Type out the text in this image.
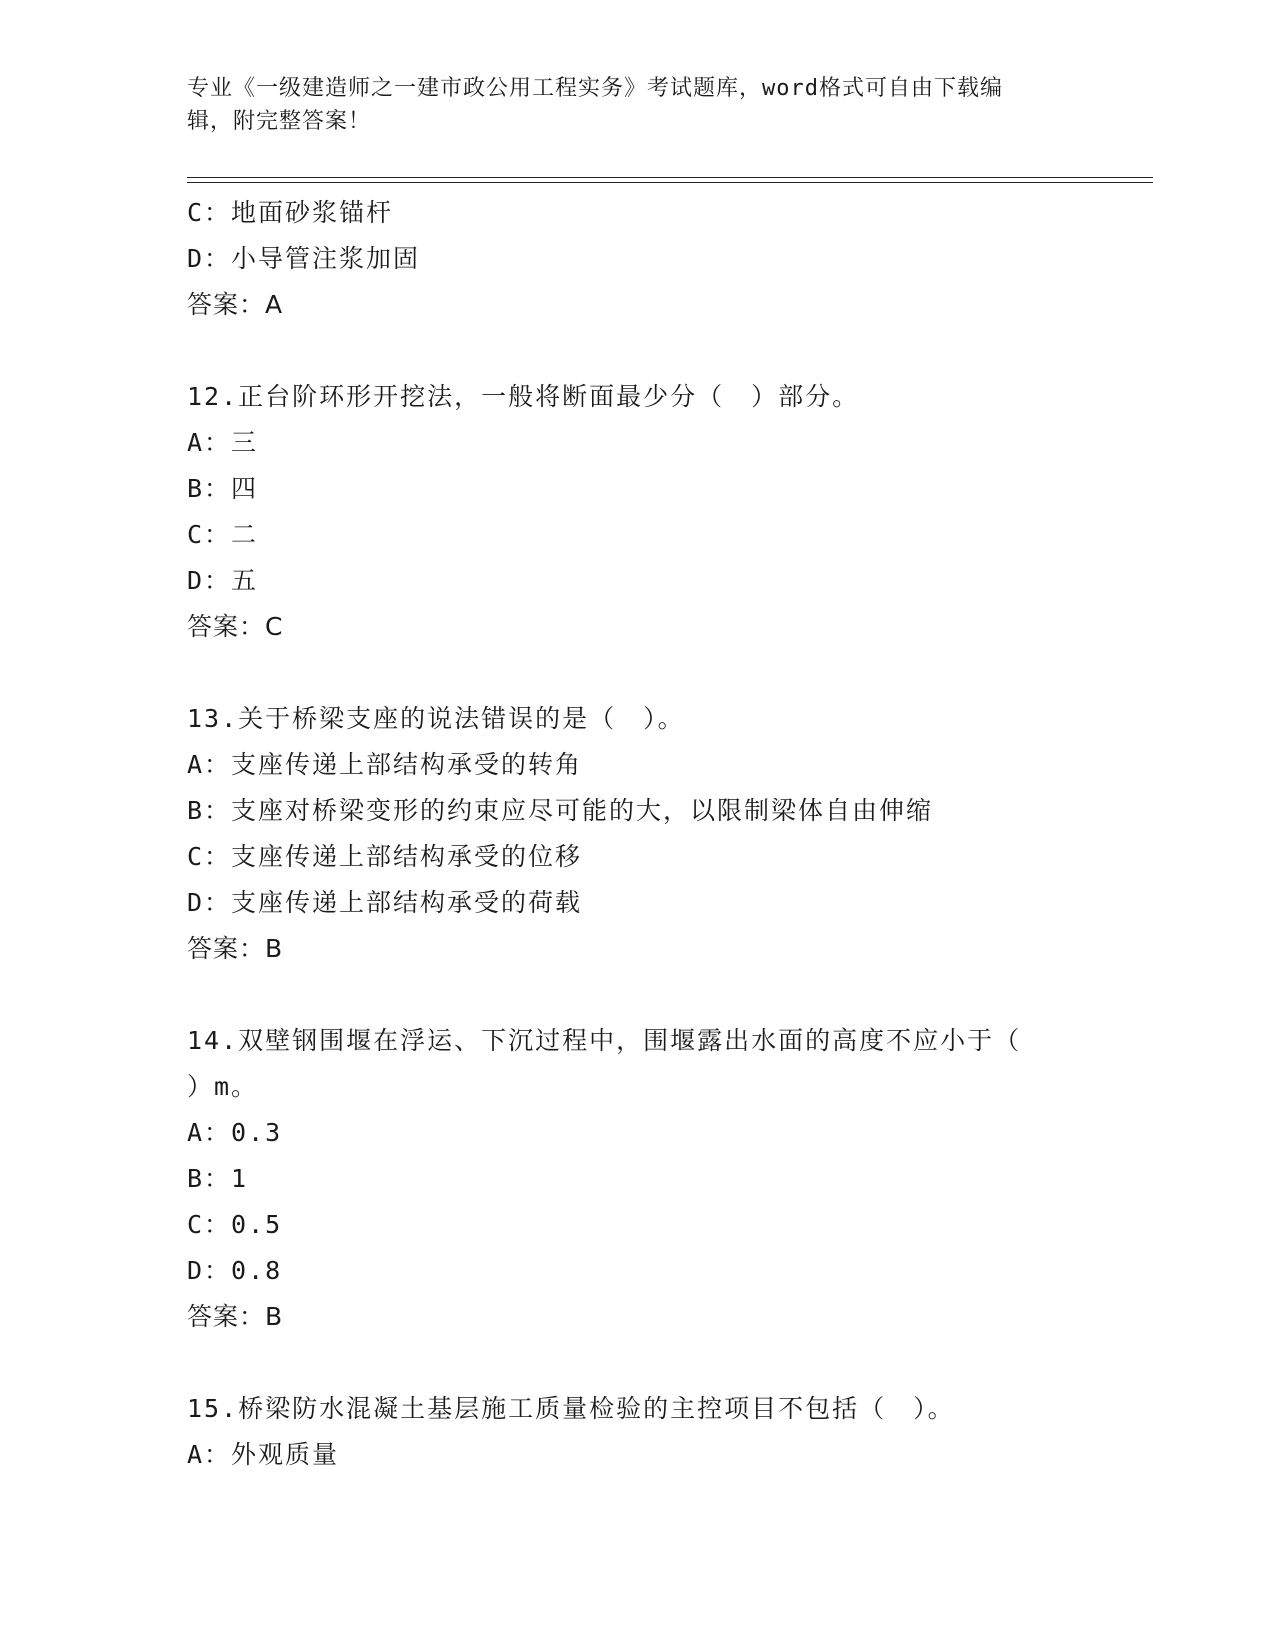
专业《一级建造师之一建市政公用工程实务》考试题库，word格式可自由下载编
辑，附完整答案！
C：地面砂浆锚杆
D：小导管注浆加固
答案：A
12.正台阶环形开挖法，一般将断面最少分（　）部分。
A：三
B：四
C：二
D：五
答案：C
13.关于桥梁支座的说法错误的是（　）。
A：支座传递上部结构承受的转角
B：支座对桥梁变形的约束应尽可能的大，以限制梁体自由伸缩
C：支座传递上部结构承受的位移
D：支座传递上部结构承受的荷载
答案：B
14.双壁钢围堰在浮运、下沉过程中，围堰露出水面的高度不应小于（
）m。
A：0.3
B：1
C：0.5
D：0.8
答案：B
15.桥梁防水混凝土基层施工质量检验的主控项目不包括（　）。
A：外观质量
